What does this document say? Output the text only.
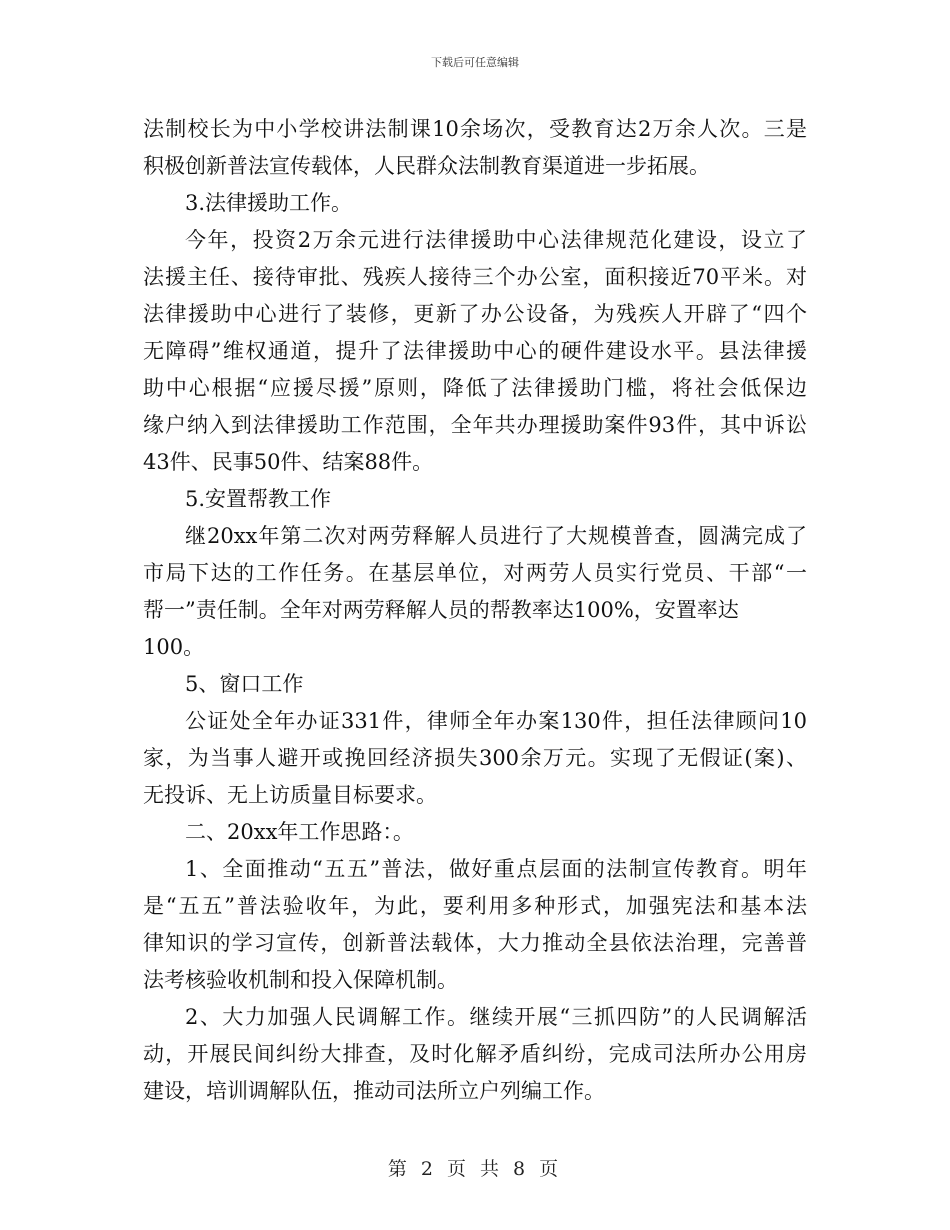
下载后可任意编辑
法制校长为中小学校讲法制课10余场次，受教育达2万余人次。三是
积极创新普法宣传载体，人民群众法制教育渠道进一步拓展。
3.法律援助工作。
今年，投资2万余元进行法律援助中心法律规范化建设，设立了
法援主任、接待审批、残疾人接待三个办公室，面积接近70平米。对
法律援助中心进行了装修，更新了办公设备，为残疾人开辟了“四个
无障碍”维权通道，提升了法律援助中心的硬件建设水平。县法律援
助中心根据“应援尽援”原则，降低了法律援助门槛，将社会低保边
缘户纳入到法律援助工作范围，全年共办理援助案件93件，其中诉讼
43件、民事50件、结案88件。
5.安置帮教工作
继20xx年第二次对两劳释解人员进行了大规模普查，圆满完成了
市局下达的工作任务。在基层单位，对两劳人员实行党员、干部“一
帮一”责任制。全年对两劳释解人员的帮教率达100%，安置率达
100。
5、窗口工作
公证处全年办证331件，律师全年办案130件，担任法律顾问10
家，为当事人避开或挽回经济损失300余万元。实现了无假证(案)、
无投诉、无上访质量目标要求。
二、20xx年工作思路：。
1、全面推动“五五”普法，做好重点层面的法制宣传教育。明年
是“五五”普法验收年，为此，要利用多种形式，加强宪法和基本法
律知识的学习宣传，创新普法载体，大力推动全县依法治理，完善普
法考核验收机制和投入保障机制。
2、大力加强人民调解工作。继续开展“三抓四防”的人民调解活
动，开展民间纠纷大排查，及时化解矛盾纠纷，完成司法所办公用房
建设，培训调解队伍，推动司法所立户列编工作。
第 2 页 共 8 页
